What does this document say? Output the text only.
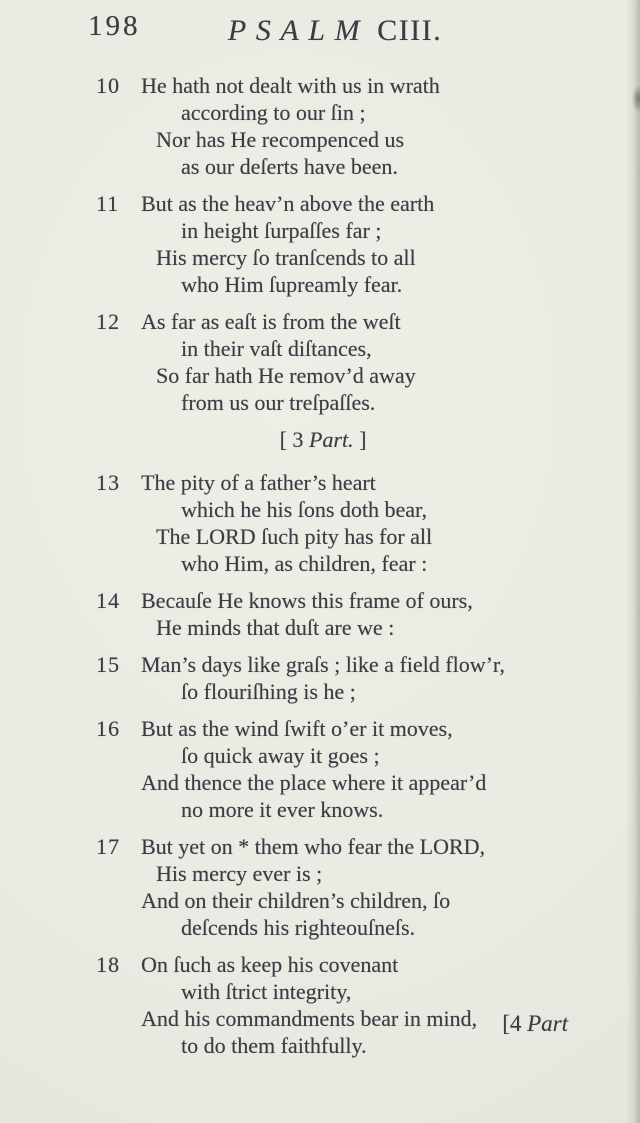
198	PSALM CIII.
10 He hath not dealt with us in wrath
according to our ſin ;
Nor has He recompenced us
as our deſerts have been.
11 But as the heav’n above the earth
in height ſurpaſſes far ;
His mercy ſo tranſcends to all
who Him ſupreamly fear.
12 As far as eaſt is from the weſt
in their vaſt diſtances,
So far hath He remov’d away
from us our treſpaſſes.
[ 3 Part. ]
13 The pity of a father’s heart
which he his ſons doth bear,
The LORD ſuch pity has for all
who Him, as children, fear :
14 Becauſe He knows this frame of ours,
He minds that duſt are we :
15 Man’s days like graſs ; like a field flow’r,
ſo flouriſhing is he ;
16 But as the wind ſwift o’er it moves,
ſo quick away it goes ;
And thence the place where it appear’d
no more it ever knows.
17 But yet on * them who fear the LORD,
His mercy ever is ;
And on their children’s children, ſo
deſcends his righteouſneſs.
18 On ſuch as keep his covenant
with ſtrict integrity,
And his commandments bear in mind,
to do them faithfully.
[4 Part
